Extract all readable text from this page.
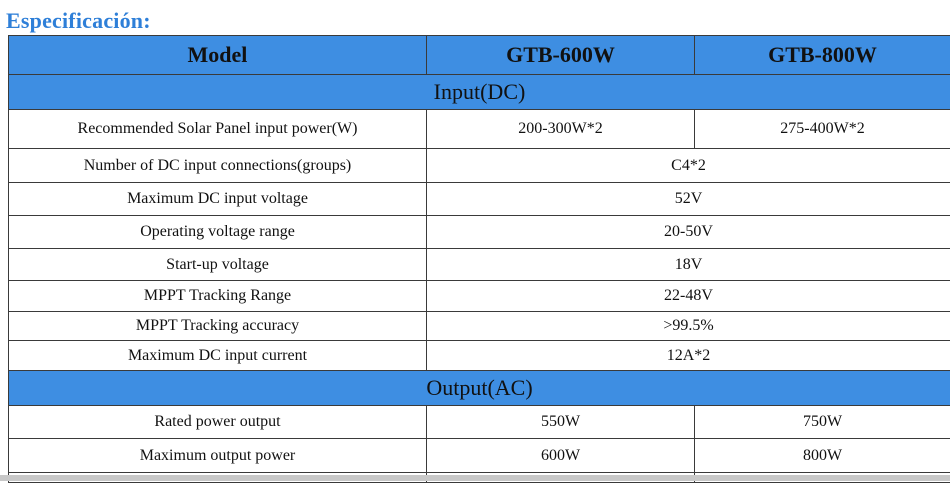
Especificación:
Model	GTB-600W	GTB-800W
Input(DC)		
Recommended Solar Panel input power(W)	200-300W*2	275-400W*2
Number of DC input connections(groups)	C4*2	
Maximum DC input voltage	52V	
Operating voltage range	20-50V	
Start-up voltage	18V	
MPPT Tracking Range	22-48V	
MPPT Tracking accuracy	>99.5%	
Maximum DC input current	12A*2	
Output(AC)		
Rated power output	550W	750W
Maximum output power	600W	800W
